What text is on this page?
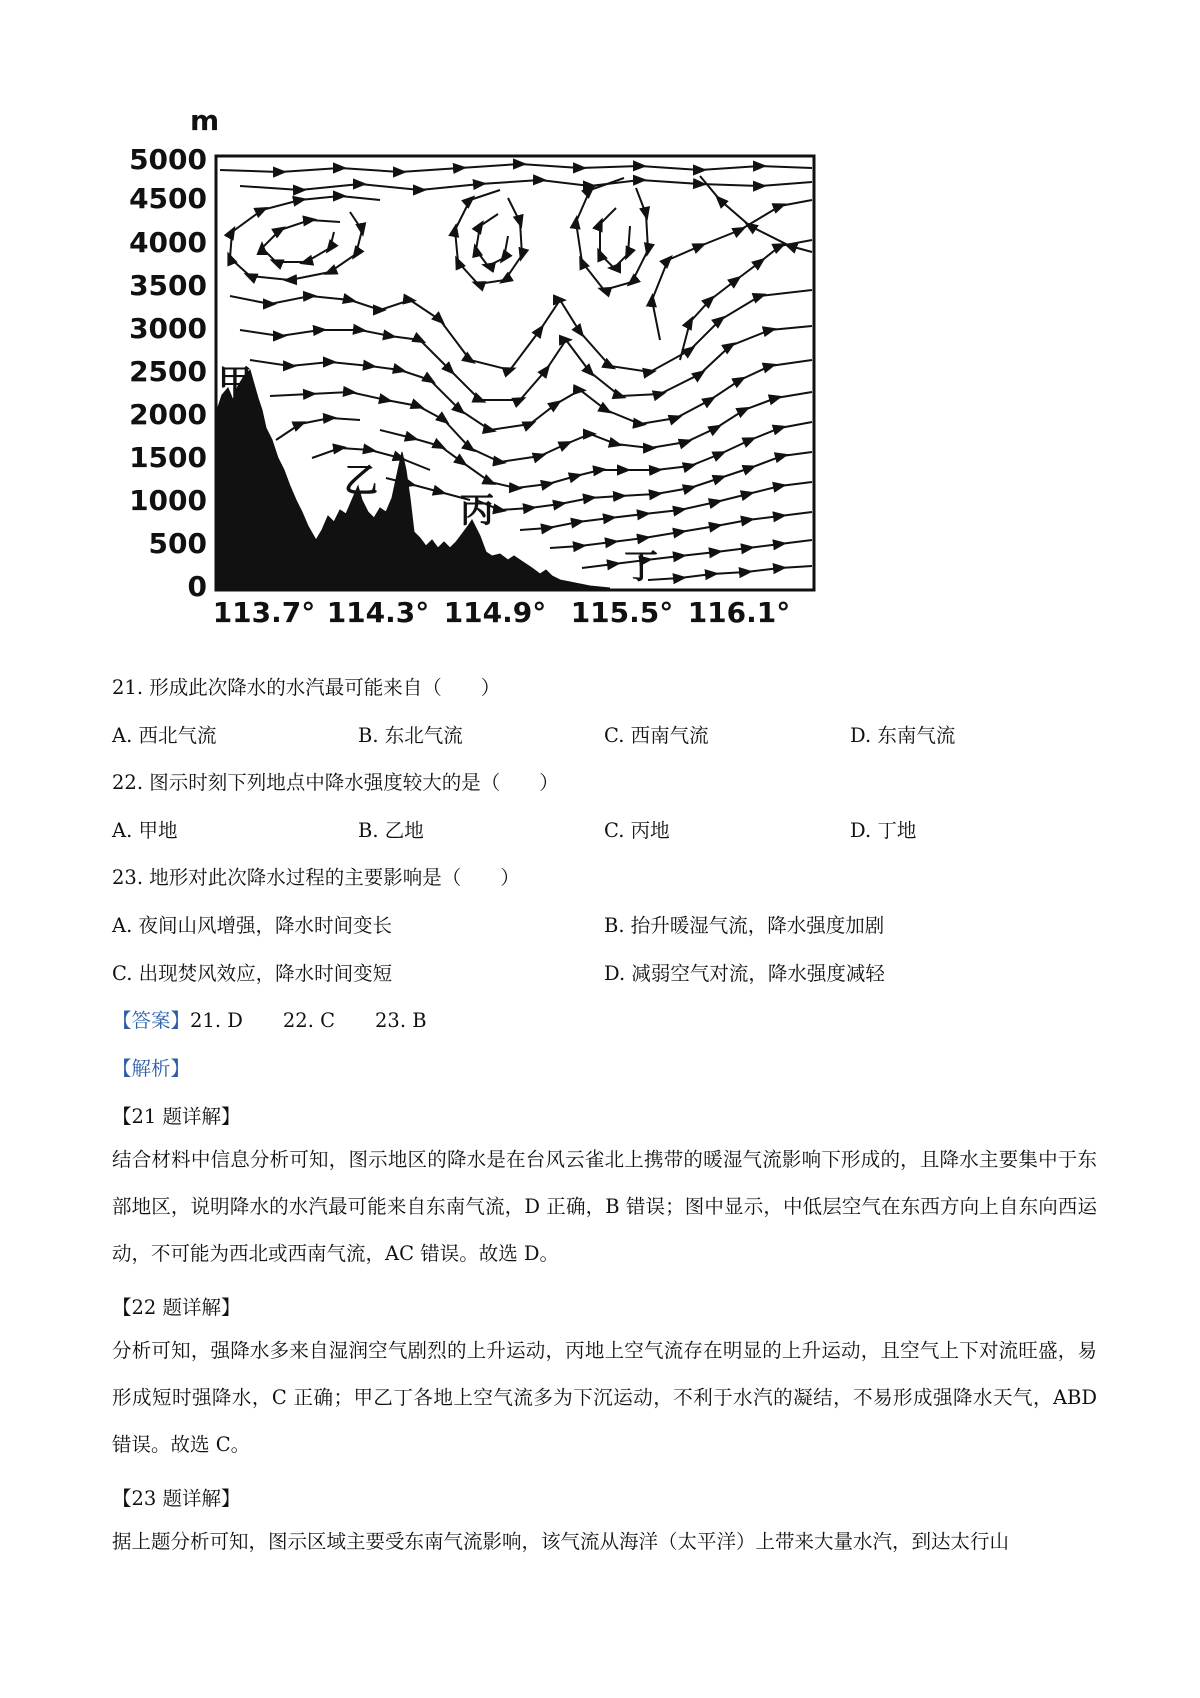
m
5000
4500
4000
3500
3000
2500
2000
1500
1000
500
0
113.7° 114.3° 114.9° 115.5° 116.1°
甲
乙
丙
丁
21. 形成此次降水的水汽最可能来自（　　）
A. 西北气流	B. 东北气流	C. 西南气流	D. 东南气流
22. 图示时刻下列地点中降水强度较大的是（　　）
A. 甲地	B. 乙地	C. 丙地	D. 丁地
23. 地形对此次降水过程的主要影响是（　　）
A. 夜间山风增强，降水时间变长	B. 抬升暖湿气流，降水强度加剧
C. 出现焚风效应，降水时间变短	D. 减弱空气对流，降水强度减轻
【答案】21. D 22. C 23. B
【解析】
【21 题详解】
结合材料中信息分析可知，图示地区的降水是在台风云雀北上携带的暖湿气流影响下形成的，且降水主要集中于东部地区，说明降水的水汽最可能来自东南气流，D 正确，B 错误；图中显示，中低层空气在东西方向上自东向西运动，不可能为西北或西南气流，AC 错误。故选 D。
【22 题详解】
分析可知，强降水多来自湿润空气剧烈的上升运动，丙地上空气流存在明显的上升运动，且空气上下对流旺盛，易形成短时强降水，C 正确；甲乙丁各地上空气流多为下沉运动，不利于水汽的凝结，不易形成强降水天气，ABD 错误。故选 C。
【23 题详解】
据上题分析可知，图示区域主要受东南气流影响，该气流从海洋（太平洋）上带来大量水汽，到达太行山
